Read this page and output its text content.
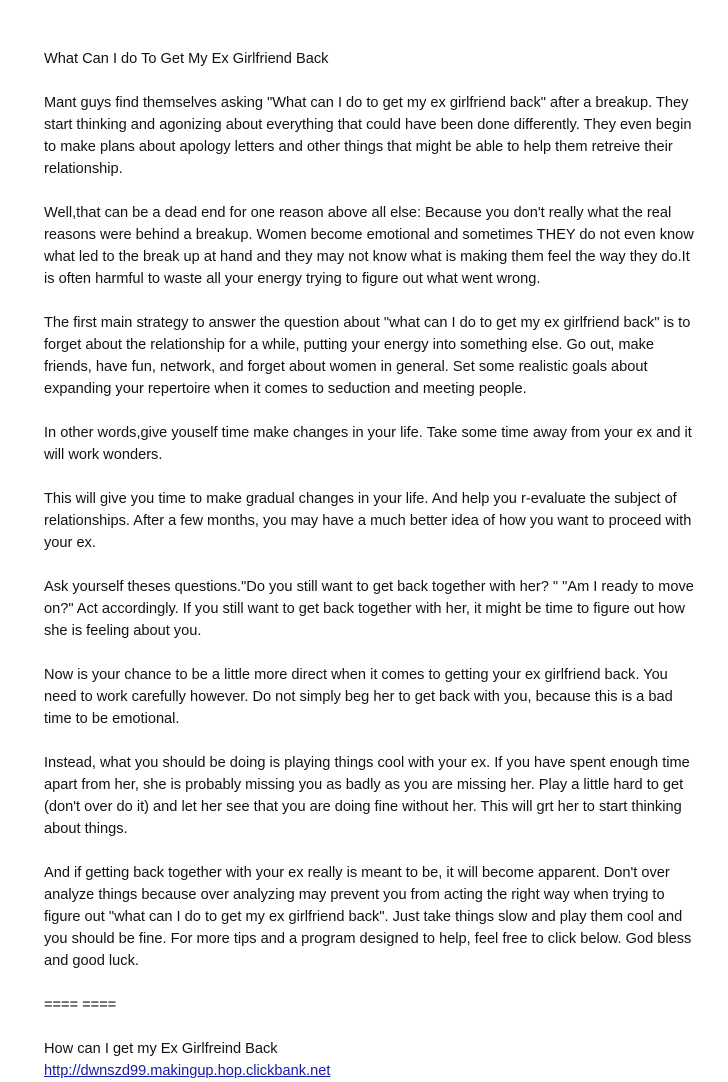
What Can I do To Get My Ex Girlfriend Back

Mant guys find themselves asking "What can I do to get my ex girlfriend back" after a breakup. They start thinking and agonizing about everything that could have been done differently. They even begin to make plans about apology letters and other things that might be able to help them retreive their relationship.

Well,that can be a dead end for one reason above all else: Because you don't really what the real reasons were behind a breakup. Women become emotional and sometimes THEY do not even know what led to the break up at hand and they may not know what is making them feel the way they do.It is often harmful to waste all your energy trying to figure out what went wrong.

The first main strategy to answer the question about "what can I do to get my ex girlfriend back" is to forget about the relationship for a while, putting your energy into something else. Go out, make friends, have fun, network, and forget about women in general. Set some realistic goals about expanding your repertoire when it comes to seduction and meeting people.

In other words,give youself time make changes in your life. Take some time away from your ex and it will work wonders.

This will give you time to make gradual changes in your life. And help you r-evaluate the subject of relationships. After a few months, you may have a much better idea of how you want to proceed with your ex.

Ask yourself theses questions."Do you still want to get back together with her? " "Am I ready to move on?" Act accordingly. If you still want to get back together with her, it might be time to figure out how she is feeling about you.

Now is your chance to be a little more direct when it comes to getting your ex girlfriend back. You need to work carefully however. Do not simply beg her to get back with you, because this is a bad time to be emotional.

Instead, what you should be doing is playing things cool with your ex. If you have spent enough time apart from her, she is probably missing you as badly as you are missing her. Play a little hard to get (don't over do it) and let her see that you are doing fine without her. This will grt her to start thinking about things.

And if getting back together with your ex really is meant to be, it will become apparent. Don't over analyze things because over analyzing may prevent you from acting the right way when trying to figure out "what can I do to get my ex girlfriend back". Just take things slow and play them cool and you should be fine. For more tips and a program designed to help, feel free to click below. God bless and good luck.

==== ====

How can I get my Ex Girlfreind Back

http://dwnszd99.makingup.hop.clickbank.net
